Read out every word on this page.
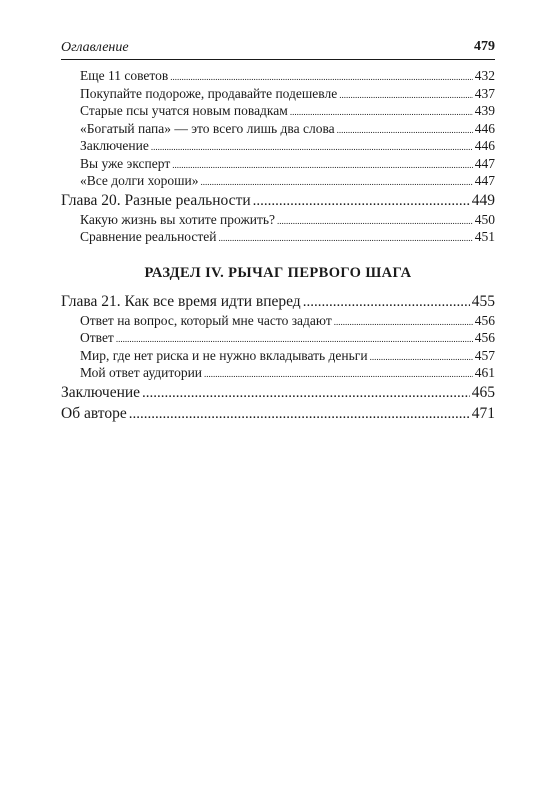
Оглавление	479
Еще 11 советов .....	432
Покупайте подороже, продавайте подешевле .....	437
Старые псы учатся новым повадкам .....	439
«Богатый папа» — это всего лишь два слова .....	446
Заключение .....	446
Вы уже эксперт .....	447
«Все долги хороши» .....	447
Глава 20. Разные реальности .....	449
Какую жизнь вы хотите прожить? .....	450
Сравнение реальностей .....	451
РАЗДЕЛ IV. РЫЧАГ ПЕРВОГО ШАГА
Глава 21. Как все время идти вперед .....	455
Ответ на вопрос, который мне часто задают .....	456
Ответ .....	456
Мир, где нет риска и не нужно вкладывать деньги .....	457
Мой ответ аудитории .....	461
Заключение .....	465
Об авторе .....	471
